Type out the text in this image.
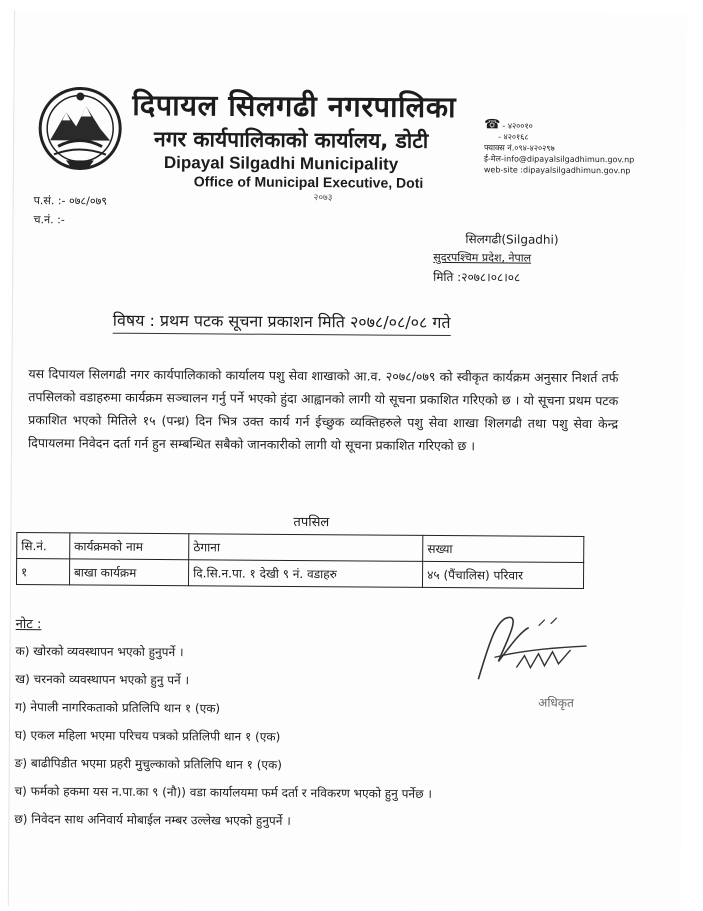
दिपायल सिलगढी नगरपालिका
नगर कार्यपालिकाको कार्यालय, डोटी
Dipayal Silgadhi Municipality
Office of Municipal Executive, Doti
२०७३
☎ - ४२००१०
- ४२०१६८
फ्याक्स नं.०९४-४२०२९७
ई-मेल-info@dipayalsilgadhimun.gov.np
web-site :dipayalsilgadhimun.gov.np
प.सं. :- ०७८/०७९
च.नं. :-
सिलगढी(Silgadhi)
सुदरपश्चिम प्रदेश, नेपाल
मिति :२०७८।०८।०८
विषय : प्रथम पटक सूचना प्रकाशन मिति २०७८/०८/०८ गते
यस दिपायल सिलगढी नगर कार्यपालिकाको कार्यालय पशु सेवा शाखाको आ.व. २०७८/०७९ को स्वीकृत कार्यक्रम अनुसार निशर्त तर्फ तपसिलको वडाहरुमा कार्यक्रम सञ्चालन गर्नु पर्ने भएको हुंदा आह्वानको लागी यो सूचना प्रकाशित गरिएको छ । यो सूचना प्रथम पटक प्रकाशित भएको मितिले १५ (पन्ध्र) दिन भित्र उक्त कार्य गर्न ईच्छुक व्यक्तिहरुले पशु सेवा शाखा शिलगढी तथा पशु सेवा केन्द्र दिपायलमा निवेदन दर्ता गर्न हुन सम्बन्धित सबैको जानकारीको लागी यो सूचना प्रकाशित गरिएको छ ।
तपसिल
सि.नं.	कार्यक्रमको नाम	ठेगाना	सख्या
१	बाखा कार्यक्रम	दि.सि.न.पा. १ देखी ९ नं. वडाहरु	४५ (पैंचालिस) परिवार
नोट :
क) खोरको व्यवस्थापन भएको हुनुपर्ने ।
ख) चरनको व्यवस्थापन भएको हुनु पर्ने ।
ग) नेपाली नागरिकताको प्रतिलिपि थान १ (एक)
घ) एकल महिला भएमा परिचय पत्रको प्रतिलिपी थान १ (एक)
ङ) बाढीपिडीत भएमा प्रहरी मुचुल्काको प्रतिलिपि थान १ (एक)
च) फर्मको हकमा यस न.पा.का ९ (नौ)) वडा कार्यालयमा फर्म दर्ता र नविकरण भएको हुनु पर्नेछ ।
छ) निवेदन साथ अनिवार्य मोबाईल नम्बर उल्लेख भएको हुनुपर्ने ।
अधिकृत
